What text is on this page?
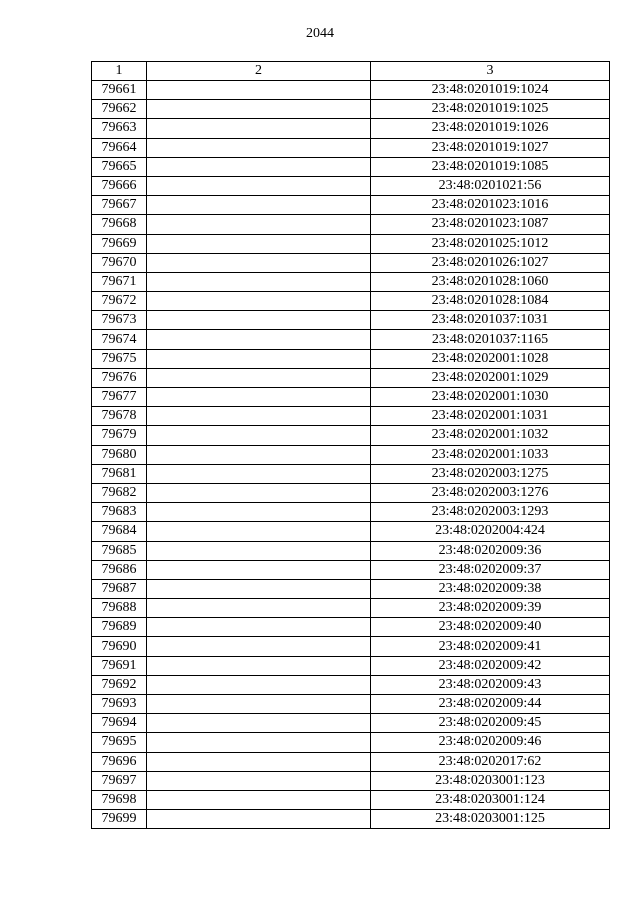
2044
1	2	3
79661		23:48:0201019:1024
79662		23:48:0201019:1025
79663		23:48:0201019:1026
79664		23:48:0201019:1027
79665		23:48:0201019:1085
79666		23:48:0201021:56
79667		23:48:0201023:1016
79668		23:48:0201023:1087
79669		23:48:0201025:1012
79670		23:48:0201026:1027
79671		23:48:0201028:1060
79672		23:48:0201028:1084
79673		23:48:0201037:1031
79674		23:48:0201037:1165
79675		23:48:0202001:1028
79676		23:48:0202001:1029
79677		23:48:0202001:1030
79678		23:48:0202001:1031
79679		23:48:0202001:1032
79680		23:48:0202001:1033
79681		23:48:0202003:1275
79682		23:48:0202003:1276
79683		23:48:0202003:1293
79684		23:48:0202004:424
79685		23:48:0202009:36
79686		23:48:0202009:37
79687		23:48:0202009:38
79688		23:48:0202009:39
79689		23:48:0202009:40
79690		23:48:0202009:41
79691		23:48:0202009:42
79692		23:48:0202009:43
79693		23:48:0202009:44
79694		23:48:0202009:45
79695		23:48:0202009:46
79696		23:48:0202017:62
79697		23:48:0203001:123
79698		23:48:0203001:124
79699		23:48:0203001:125
